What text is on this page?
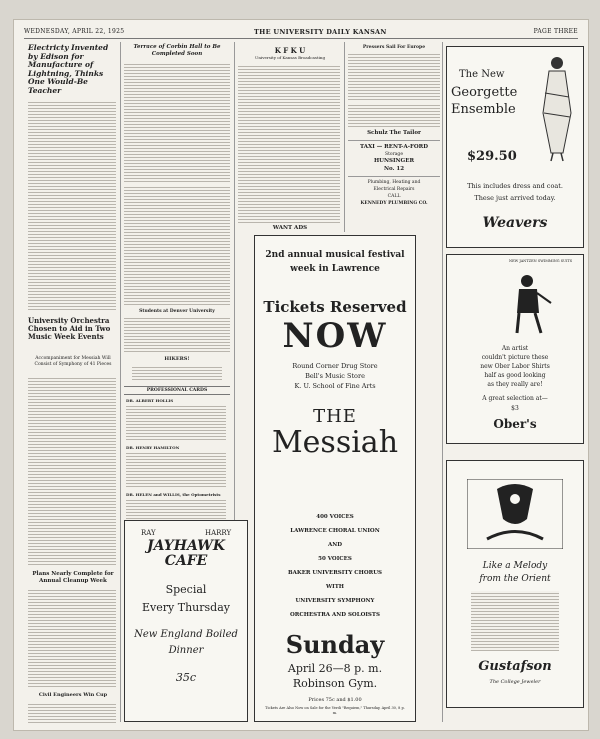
WEDNESDAY, APRIL 22, 1925	THE UNIVERSITY DAILY KANSAN	PAGE THREE

Electricty Invented by Edison for Manufacture of Lightning, Thinks One Would-Be Teacher

University Orchestra Chosen to Aid in Two Music Week Events

Accompaniment for Messiah Will Consist of Symphony of 41 Pieces

Plans Nearly Complete for Annual Cleanup Week

Civil Engineers Win Cup

Terrace of Corbin Hall to Be Completed Soon

Students at Denver University

HIKERS!

PROFESSIONAL CARDS

DR. ALBERT HOLLIS

DR. HENRY HAMILTON

DR. HELEN and WILLIS, the Optometrists

K F K U

University of Kansas Broadcasting

WANT ADS

Pressers Sail For Europe

Schulz The Tailor

TAXI — RENT-A-FORD

Storage

HUNSINGER

No. 12

Plumbing, Heating and

Electrical Repairs

CALL

KENNEDY PLUMBING CO.

2nd annual musical festival

week in Lawrence

Tickets Reserved

NOW

Round Corner Drug Store

Bell's Music Store

K. U. School of Fine Arts

THE

Messiah

400 VOICES

LAWRENCE CHORAL UNION

AND

50 VOICES

BAKER UNIVERSITY CHORUS

WITH

UNIVERSITY SYMPHONY

ORCHESTRA AND SOLOISTS

Sunday

April 26—8 p. m.

Robinson Gym.

Prices 75c and $1.00

Tickets Are Also Now on Sale for the Verdi "Requiem," Thursday, April 30, 8 p. m.

RAY	HARRY

JAYHAWK

CAFE

Special

Every Thursday

New England Boiled

Dinner

35c

The New

Georgette

Ensemble

$29.50

This includes dress and coat.

These just arrived today.

Weavers

NEW JANTZEN SWIMMING SUITS

An artist

couldn't picture these

new Ober Labor Shirts

half as good looking

as they really are!

A great selection at—

$3

Ober's

Like a Melody

from the Orient

Gustafson

The College Jeweler
